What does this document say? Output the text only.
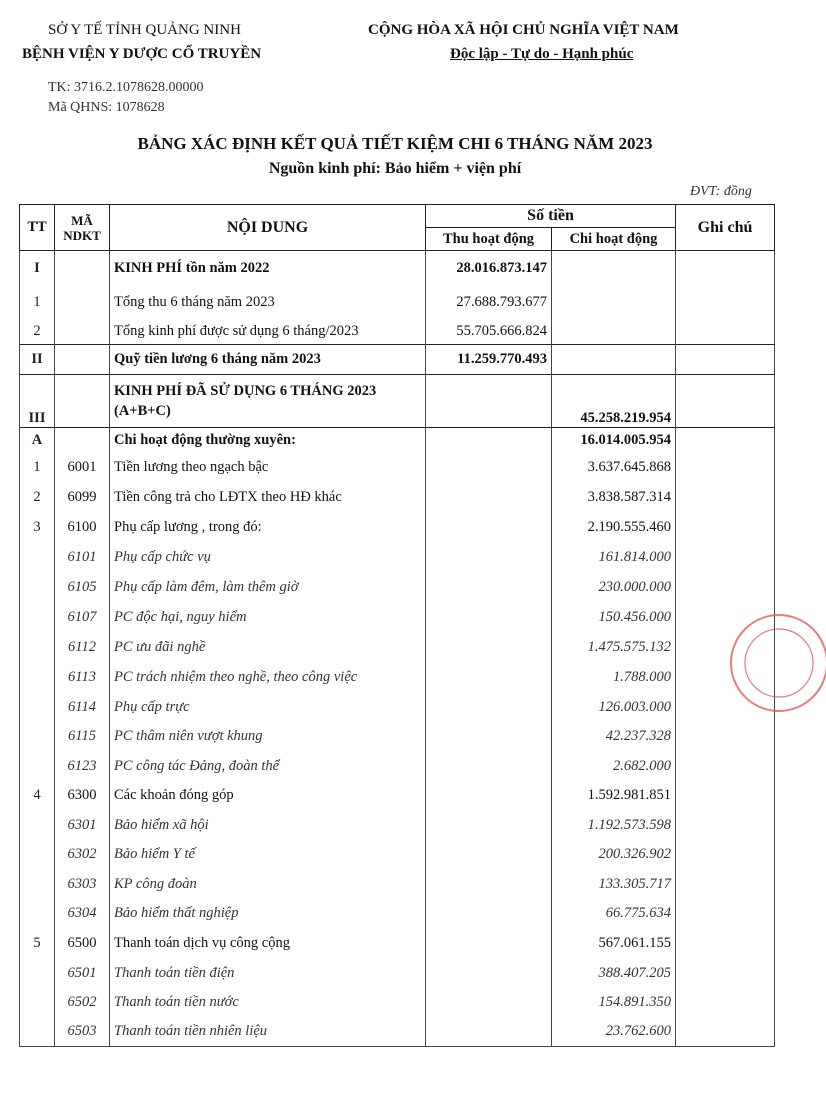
SỞ Y TẾ TỈNH QUẢNG NINH
BỆNH VIỆN Y DƯỢC CỔ TRUYỀN
CỘNG HÒA XÃ HỘI CHỦ NGHĨA VIỆT NAM
Độc lập - Tự do - Hạnh phúc
TK: 3716.2.1078628.00000
Mã QHNS: 1078628
BẢNG XÁC ĐỊNH KẾT QUẢ TIẾT KIỆM CHI 6 THÁNG NĂM 2023
Nguồn kinh phí: Bảo hiểm + viện phí
ĐVT: đồng
TT	MÃ NDKT	NỘI DUNG	Số tiền		Ghi chú
			Thu hoạt động	Chi hoạt động	
I		KINH PHÍ tồn năm 2022	28.016.873.147		
1		Tổng thu 6 tháng năm 2023	27.688.793.677		
2		Tổng kinh phí được sử dụng 6 tháng/2023	55.705.666.824		
II		Quỹ tiền lương 6 tháng năm 2023	11.259.770.493		
III		KINH PHÍ ĐÃ SỬ DỤNG 6 THÁNG 2023 (A+B+C)		45.258.219.954	
A		Chi hoạt động thường xuyên:		16.014.005.954	
1	6001	Tiền lương theo ngạch bậc		3.637.645.868	
2	6099	Tiền công trả cho LĐTX theo HĐ khác		3.838.587.314	
3	6100	Phụ cấp lương , trong đó:		2.190.555.460	
	6101	Phụ cấp chức vụ		161.814.000	
	6105	Phụ cấp làm đêm, làm thêm giờ		230.000.000	
	6107	PC độc hại, nguy hiểm		150.456.000	
	6112	PC ưu đãi nghề		1.475.575.132	
	6113	PC trách nhiệm theo nghề, theo công việc		1.788.000	
	6114	Phụ cấp trực		126.003.000	
	6115	PC thâm niên vượt khung		42.237.328	
	6123	PC công tác Đảng, đoàn thể		2.682.000	
4	6300	Các khoản đóng góp		1.592.981.851	
	6301	Bảo hiểm xã hội		1.192.573.598	
	6302	Bảo hiểm Y tế		200.326.902	
	6303	KP công đoàn		133.305.717	
	6304	Bảo hiểm thất nghiệp		66.775.634	
5	6500	Thanh toán dịch vụ công cộng		567.061.155	
	6501	Thanh toán tiền điện		388.407.205	
	6502	Thanh toán tiền nước		154.891.350	
	6503	Thanh toán tiền nhiên liệu		23.762.600	
